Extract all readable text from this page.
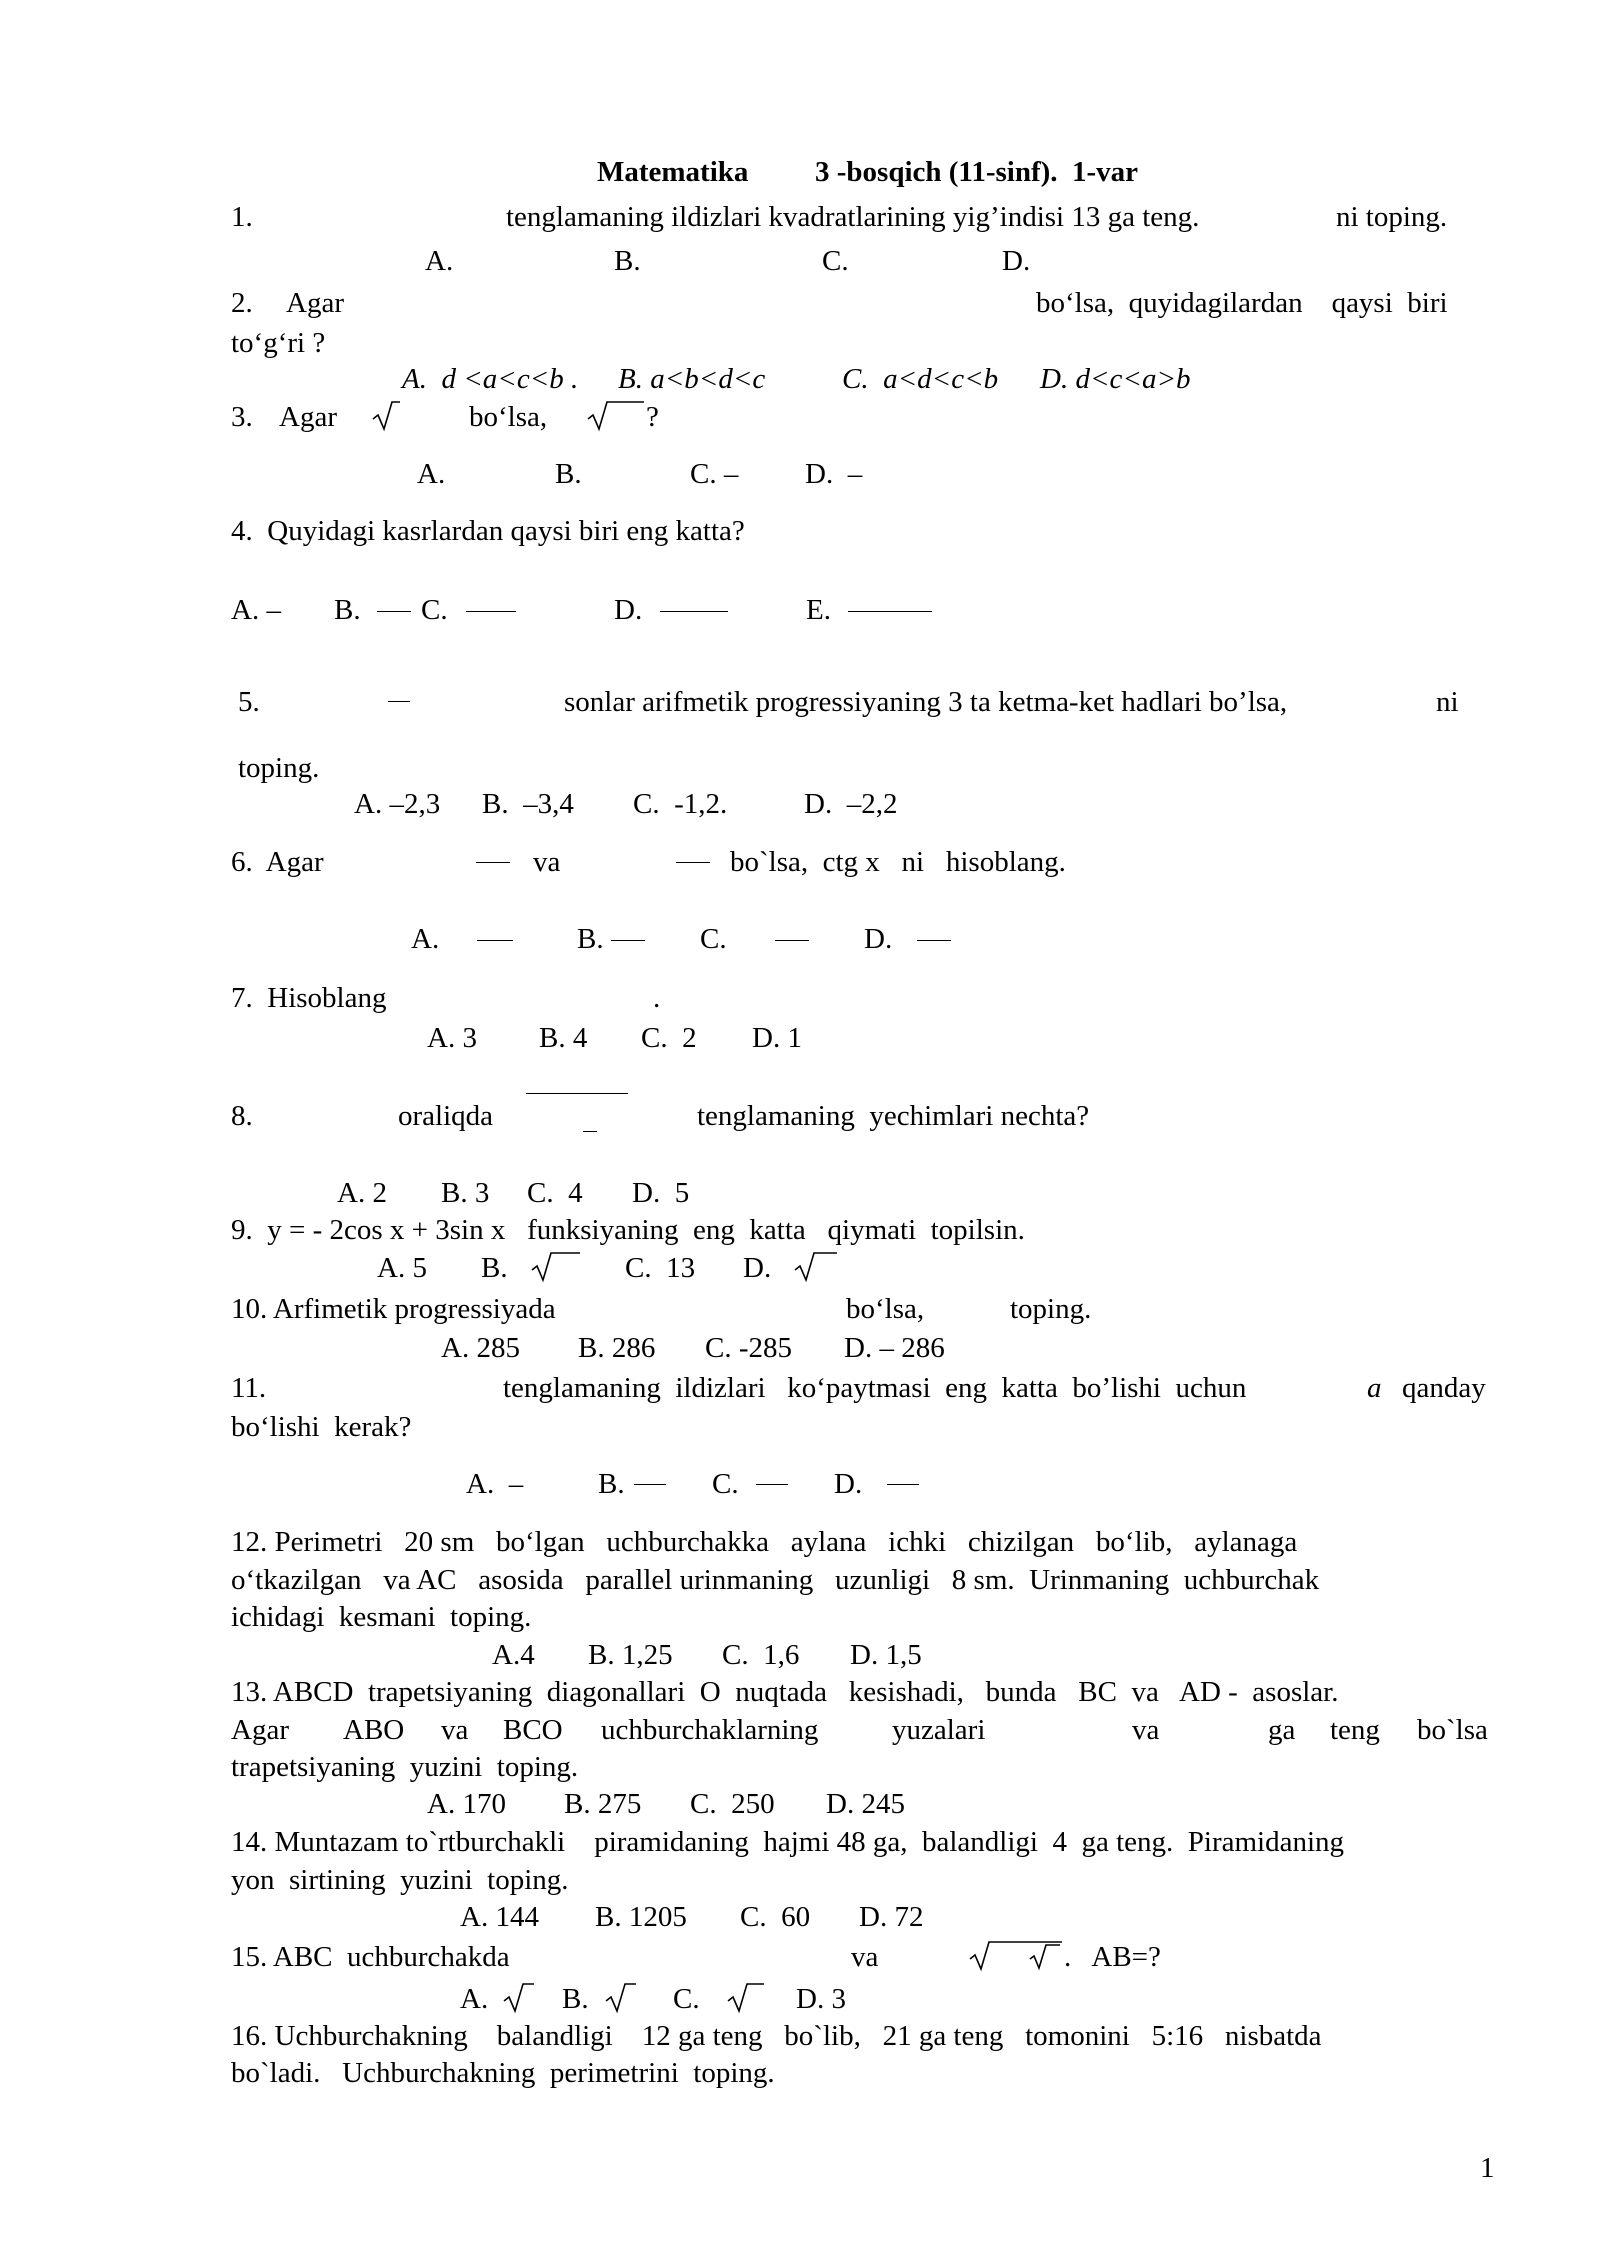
Matematika 3 -bosqich (11-sinf).  1-var
1.	tenglamaning ildizlari kvadratlarining yig’indisi 13 ga teng.	ni toping.
A.	B.	C.	D.
2. Agar	bo‘lsa,  quyidagilardan    qaysi  biri
to‘g‘ri ?
A.  d <a<c<b . B. a<b<d<c	C.  a<d<c<b D. d<c<a>b
3. Agar	bo‘lsa,	?
A.	B.	C. – D.  –
4.  Quyidagi kasrlardan qaysi biri eng katta?
A. – B. C.	D.	E.
5.	sonlar arifmetik progressiyaning 3 ta ketma-ket hadlari bo’lsa,	ni
toping.
A. –2,3 B.  –3,4 C.  -1,2.	D.  –2,2
6.  Agar	va	bo`lsa,  ctg x   ni   hisoblang.
A.	B.	C.	D.
7.  Hisoblang	.
A. 3 B. 4 C.  2 D. 1
8.	oraliqda	tenglamaning  yechimlari nechta?
A. 2 B. 3 C.  4 D.  5
9.  y = - 2cos x + 3sin x   funksiyaning  eng  katta   qiymati  topilsin.
A. 5 B.	C.  13 D.
10. Arfimetik progressiyada	bo‘lsa,	toping.
A. 285 B. 286 C. -285 D. – 286
11.	tenglamaning  ildizlari   ko‘paytmasi  eng  katta  bo’lishi  uchun	a qanday
bo‘lishi  kerak?
A.  –	B.	C.	D.
12. Perimetri   20 sm   bo‘lgan   uchburchakka   aylana   ichki   chizilgan   bo‘lib,   aylanaga
o‘tkazilgan   va AC   asosida   parallel urinmaning   uzunligi   8 sm.  Urinmaning  uchburchak
ichidagi  kesmani  toping.
A.4 B. 1,25 C.  1,6 D. 1,5
13. ABCD  trapetsiyaning  diagonallari  O  nuqtada   kesishadi,   bunda   BC  va   AD -  asoslar.
Agar ABO va BCO uchburchaklarning	yuzalari	va	ga teng bo`lsa
trapetsiyaning  yuzini  toping.
A. 170 B. 275 C.  250 D. 245
14. Muntazam to`rtburchakli    piramidaning  hajmi 48 ga,  balandligi  4  ga teng.  Piramidaning
yon  sirtining  yuzini  toping.
A. 144 B. 1205 C.  60 D. 72
15. ABC  uchburchakda	va	.   AB=?
A.	B.	C.	D. 3
16. Uchburchakning    balandligi    12 ga teng   bo`lib,   21 ga teng   tomonini   5:16   nisbatda
bo`ladi.   Uchburchakning  perimetrini  toping.
1
